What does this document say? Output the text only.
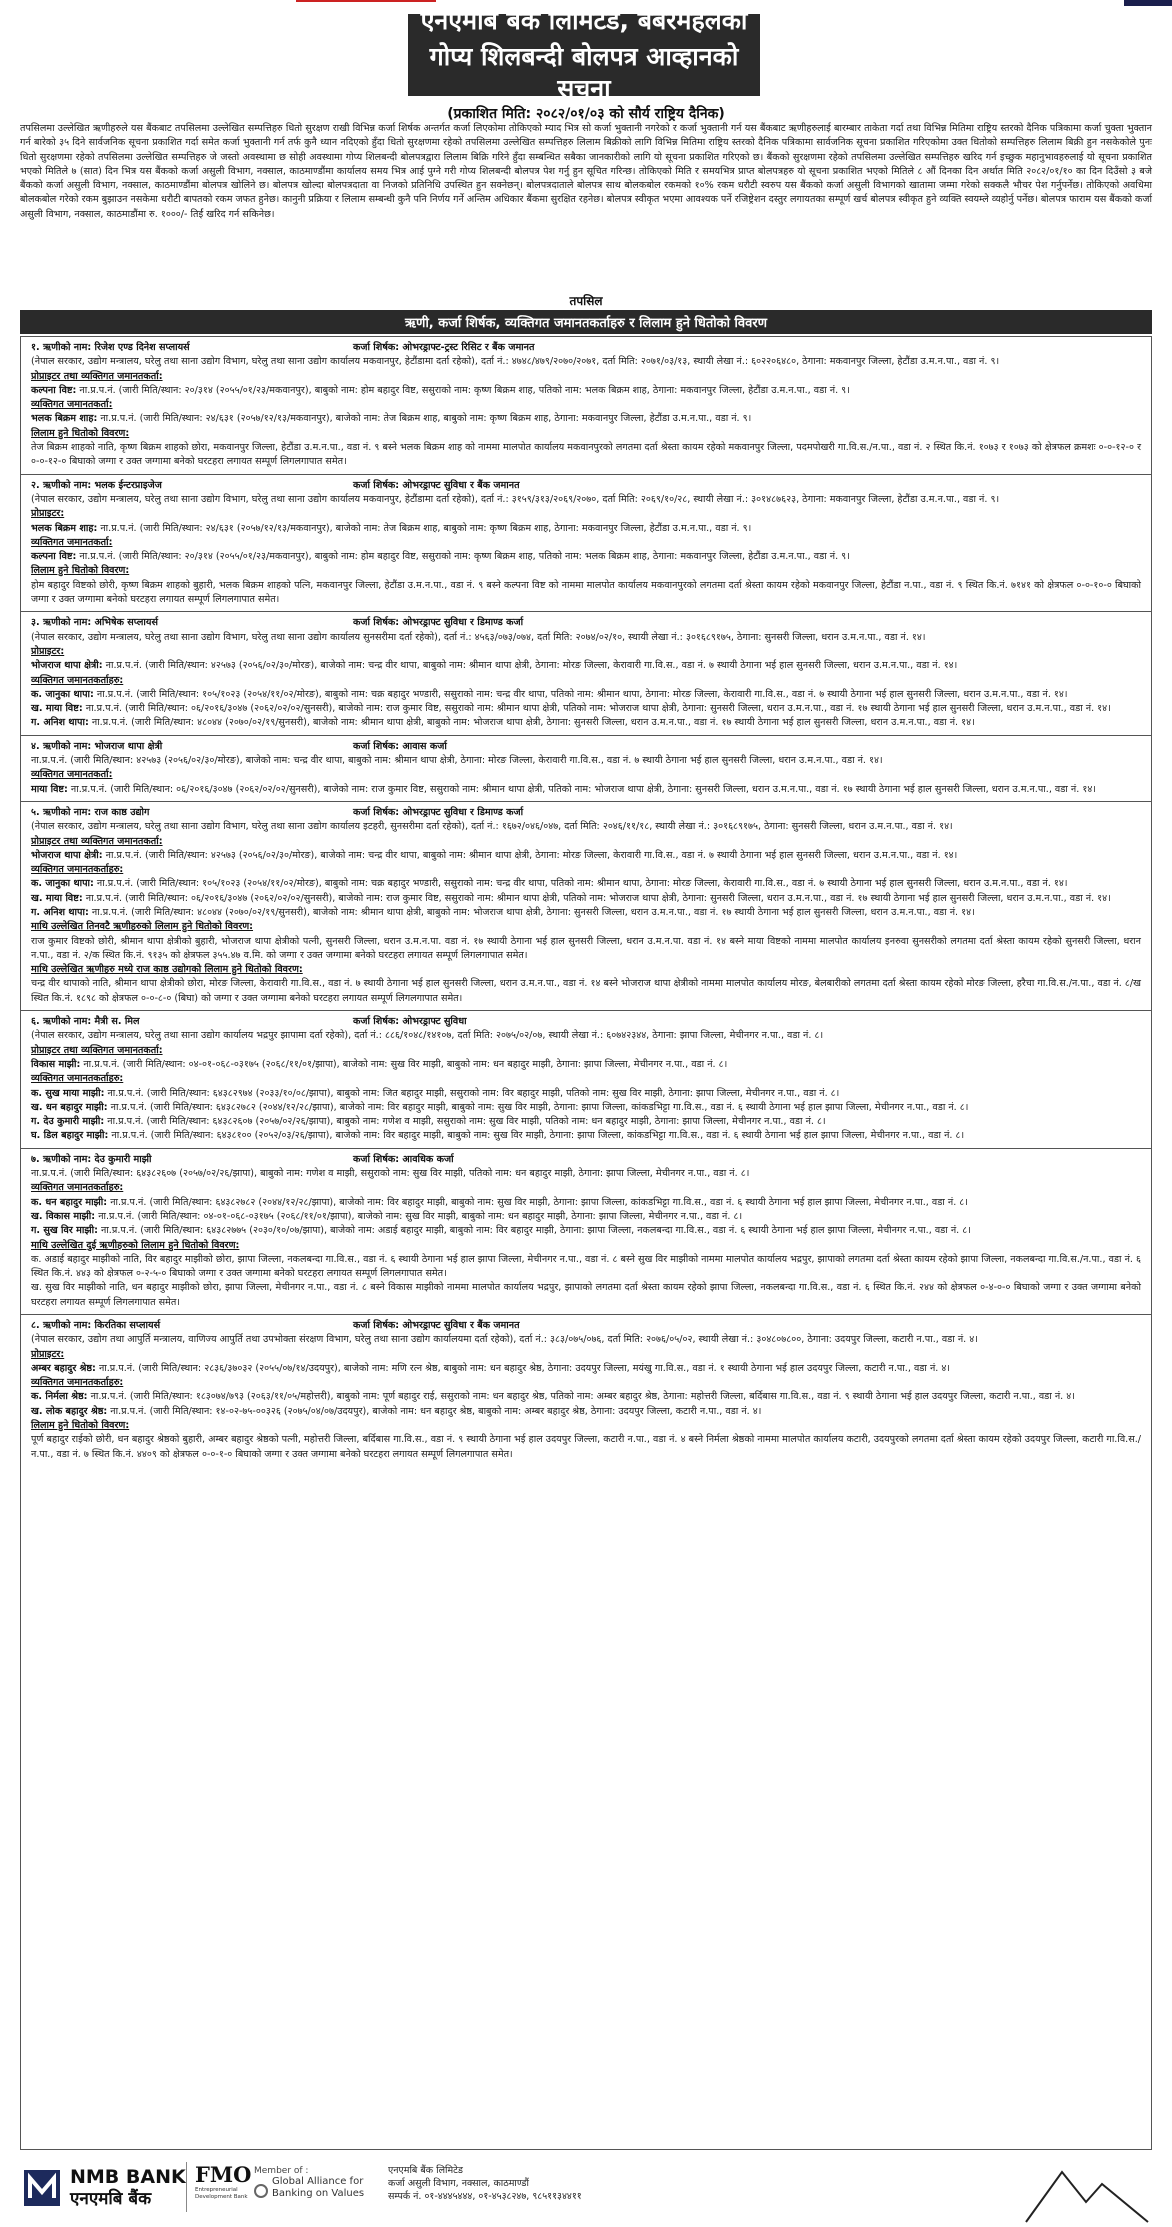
एनएमबि बैंक लिमिटेड, बबरमहलको
गोप्य शिलबन्दी बोलपत्र आव्हानको सूचना
(प्रकाशित मिति: २०८२/०१/०३ को सौर्य राष्ट्रिय दैनिक)
तपसिलमा उल्लेखित ऋणीहरुले यस बैंकबाट तपसिलमा उल्लेखित सम्पत्तिहरु धितो सुरक्षण राखी विभिन्न कर्जा शिर्षक अन्तर्गत कर्जा लिएकोमा तोकिएको म्याद भित्र सो कर्जा भुक्तानी नगरेको र कर्जा भुक्तानी गर्न यस बैंकबाट ऋणीहरुलाई बारम्बार ताकेता गर्दा तथा विभिन्न मितिमा राष्ट्रिय स्तरको दैनिक पत्रिकामा कर्जा चुक्ता भुक्तान गर्न बारेको ३५ दिने सार्वजनिक सूचना प्रकाशित गर्दा समेत कर्जा भुक्तानी गर्न तर्फ कुनै ध्यान नदिएको हुँदा धितो सुरक्षणमा रहेको तपसिलमा उल्लेखित सम्पत्तिहरु लिलाम बिक्रीको लागि विभिन्न मितिमा राष्ट्रिय स्तरको दैनिक पत्रिकामा सार्वजनिक सूचना प्रकाशित गरिएकोमा उक्त धितोको सम्पत्तिहरु लिलाम बिक्री हुन नसकेकोले पुनः धितो सुरक्षणमा रहेको तपसिलमा उल्लेखित सम्पत्तिहरु जे जस्तो अवस्थामा छ सोही अवस्थामा गोप्य शिलबन्दी बोलपत्रद्वारा लिलाम बिक्रि गरिने हुँदा सम्बन्धित सबैका जानकारीको लागि यो सूचना प्रकाशित गरिएको छ। बैंकको सुरक्षणमा रहेको तपसिलमा उल्लेखित सम्पत्तिहरु खरिद गर्न इच्छुक महानुभावहरुलाई यो सूचना प्रकाशित भएको मितिले ७ (सात) दिन भित्र यस बैंकको कर्जा असुली विभाग, नक्साल, काठमाण्डौंमा कार्यालय समय भित्र आई पुग्ने गरी गोप्य शिलबन्दी बोलपत्र पेश गर्नु हुन सूचित गरिन्छ। तोकिएको मिति र समयभित्र प्राप्त बोलपत्रहरु यो सूचना प्रकाशित भएको मितिले ८ औं दिनका दिन अर्थात मिति २०८२/०१/१० का दिन दिउँसो ३ बजे बैंकको कर्जा असुली विभाग, नक्साल, काठमाण्डौंमा बोलपत्र खोलिने छ। बोलपत्र खोल्दा बोलपत्रदाता वा निजको प्रतिनिधि उपस्थित हुन सक्नेछन्। बोलपत्रदाताले बोलपत्र साथ बोलकबोल रकमको १०% रकम धरौटी स्वरुप यस बैंकको कर्जा असुली विभागको खातामा जम्मा गरेको सक्कलै भौचर पेश गर्नुपर्नेछ। तोकिएको अवधिमा बोलकबोल गरेको रकम बुझाउन नसकेमा धरौटी बापतको रकम जफत हुनेछ। कानुनी प्रक्रिया र लिलाम सम्बन्धी कुनै पनि निर्णय गर्ने अन्तिम अधिकार बैंकमा सुरक्षित रहनेछ। बोलपत्र स्वीकृत भएमा आवश्यक पर्ने रजिष्ट्रेशन दस्तुर लगायतका सम्पूर्ण खर्च बोलपत्र स्वीकृत हुने व्यक्ति स्वयम्ले व्यहोर्नु पर्नेछ। बोलपत्र फाराम यस बैंकको कर्जा असुली विभाग, नक्साल, काठमाडौंमा रु. १०००/- तिर्ई खरिद गर्न सकिनेछ।
तपसिल
ऋणी, कर्जा शिर्षक, व्यक्तिगत जमानतकर्ताहरु र लिलाम हुने धितोको विवरण
१. ऋणीको नाम: रिजेश एण्ड दिनेश सप्लायर्स	कर्जा शिर्षक: ओभरड्राफ्ट-ट्रस्ट रिसिट र बैंक जमानत

(नेपाल सरकार, उद्योग मन्त्रालय, घरेलु तथा साना उद्योग विभाग, घरेलु तथा साना उद्योग कार्यालय मकवानपुर, हेटौंडामा दर्ता रहेको), दर्ता नं.: ४७४८/४७९/२०७०/२०७१, दर्ता मिति: २०७१/०३/१३, स्थायी लेखा नं.: ६०२२०६४८०, ठेगाना: मकवानपुर जिल्ला, हेटौंडा उ.म.न.पा., वडा नं. ९।

प्रोप्राइटर तथा व्यक्तिगत जमानतकर्ता:

कल्पना विष्ट: ना.प्र.प.नं. (जारी मिति/स्थान: २०/३१४ (२०५५/०१/२३/मकवानपुर), बाबुको नाम: होम बहादुर विष्ट, ससुराको नाम: कृष्ण बिक्रम शाह, पतिको नाम: भलक बिक्रम शाह, ठेगाना: मकवानपुर जिल्ला, हेटौंडा उ.म.न.पा., वडा नं. ९।

व्यक्तिगत जमानतकर्ता:

भलक बिक्रम शाह: ना.प्र.प.नं. (जारी मिति/स्थान: २४/६३१ (२०५७/१२/१३/मकवानपुर), बाजेको नाम: तेज बिक्रम शाह, बाबुको नाम: कृष्ण बिक्रम शाह, ठेगाना: मकवानपुर जिल्ला, हेटौंडा उ.म.न.पा., वडा नं. ९।

लिलाम हुने धितोको विवरण:

तेज बिक्रम शाहको नाति, कृष्ण बिक्रम शाहको छोरा, मकवानपुर जिल्ला, हेटौंडा उ.म.न.पा., वडा नं. ९ बस्ने भलक बिक्रम शाह को नाममा मालपोत कार्यालय मकवानपुरको लगतमा दर्ता श्रेस्ता कायम रहेको मकवानपुर जिल्ला, पदमपोखरी गा.वि.स./न.पा., वडा नं. २ स्थित कि.नं. १०७३ र १०७३ को क्षेत्रफल क्रमशः ०-०-१२-० र ०-०-१२-० बिघाको जग्गा र उक्त जग्गामा बनेको घरटहरा लगायत सम्पूर्ण लिगलगापात समेत।

२. ऋणीको नाम: भलक ईन्टरप्राइजेज	कर्जा शिर्षक: ओभरड्राफ्ट सुविधा र बैंक जमानत

(नेपाल सरकार, उद्योग मन्त्रालय, घरेलु तथा साना उद्योग विभाग, घरेलु तथा साना उद्योग कार्यालय मकवानपुर, हेटौंडामा दर्ता रहेको), दर्ता नं.: ३१५९/३१३/२०६९/२०७०, दर्ता मिति: २०६९/१०/२८, स्थायी लेखा नं.: ३०१४८७६२३, ठेगाना: मकवानपुर जिल्ला, हेटौंडा उ.म.न.पा., वडा नं. ९।

प्रोप्राइटर:

भलक बिक्रम शाह: ना.प्र.प.नं. (जारी मिति/स्थान: २४/६३१ (२०५७/१२/१३/मकवानपुर), बाजेको नाम: तेज बिक्रम शाह, बाबुको नाम: कृष्ण बिक्रम शाह, ठेगाना: मकवानपुर जिल्ला, हेटौंडा उ.म.न.पा., वडा नं. ९।

व्यक्तिगत जमानतकर्ता:

कल्पना विष्ट: ना.प्र.प.नं. (जारी मिति/स्थान: २०/३१४ (२०५५/०१/२३/मकवानपुर), बाबुको नाम: होम बहादुर विष्ट, ससुराको नाम: कृष्ण बिक्रम शाह, पतिको नाम: भलक बिक्रम शाह, ठेगाना: मकवानपुर जिल्ला, हेटौंडा उ.म.न.पा., वडा नं. ९।

लिलाम हुने धितोको विवरण:

होम बहादुर विष्टको छोरी, कृष्ण बिक्रम शाहको बुहारी, भलक बिक्रम शाहको पत्नि, मकवानपुर जिल्ला, हेटौंडा उ.म.न.पा., वडा नं. ९ बस्ने कल्पना विष्ट को नाममा मालपोत कार्यालय मकवानपुरको लगतमा दर्ता श्रेस्ता कायम रहेको मकवानपुर जिल्ला, हेटौंडा न.पा., वडा नं. ९ स्थित कि.नं. ७१४१ को क्षेत्रफल ०-०-१०-० बिघाको जग्गा र उक्त जग्गामा बनेको घरटहरा लगायत सम्पूर्ण लिगलगापात समेत।

३. ऋणीको नाम: अभिषेक सप्लायर्स	कर्जा शिर्षक: ओभरड्राफ्ट सुविधा र डिमाण्ड कर्जा

(नेपाल सरकार, उद्योग मन्त्रालय, घरेलु तथा साना उद्योग विभाग, घरेलु तथा साना उद्योग कार्यालय सुनसरीमा दर्ता रहेको), दर्ता नं.: ४५६३/०७३/०७४, दर्ता मिति: २०७४/०२/१०, स्थायी लेखा नं.: ३०१६८९१७५, ठेगाना: सुनसरी जिल्ला, धरान उ.म.न.पा., वडा नं. १४।

प्रोप्राइटर:

भोजराज थापा क्षेत्री: ना.प्र.प.नं. (जारी मिति/स्थान: ४२५७३ (२०५६/०२/३०/मोरङ), बाजेको नाम: चन्द्र वीर थापा, बाबुको नाम: श्रीमान थापा क्षेत्री, ठेगाना: मोरङ जिल्ला, केरावारी गा.वि.स., वडा नं. ७ स्थायी ठेगाना भई हाल सुनसरी जिल्ला, धरान उ.म.न.पा., वडा नं. १४।

व्यक्तिगत जमानतकर्ताहरु:

क. जानुका थापा: ना.प्र.प.नं. (जारी मिति/स्थान: १०५/१०२३ (२०५४/११/०२/मोरङ), बाबुको नाम: चक्र बहादुर भण्डारी, ससुराको नाम: चन्द्र वीर थापा, पतिको नाम: श्रीमान थापा, ठेगाना: मोरङ जिल्ला, केरावारी गा.वि.स., वडा नं. ७ स्थायी ठेगाना भई हाल सुनसरी जिल्ला, धरान उ.म.न.पा., वडा नं. १४।

ख. माया विष्ट: ना.प्र.प.नं. (जारी मिति/स्थान: ०६/२०१६/३०४७ (२०६२/०२/०२/सुनसरी), बाजेको नाम: राज कुमार विष्ट, ससुराको नाम: श्रीमान थापा क्षेत्री, पतिको नाम: भोजराज थापा क्षेत्री, ठेगाना: सुनसरी जिल्ला, धरान उ.म.न.पा., वडा नं. १७ स्थायी ठेगाना भई हाल सुनसरी जिल्ला, धरान उ.म.न.पा., वडा नं. १४।

ग. अनिश थापा: ना.प्र.प.नं. (जारी मिति/स्थान: ४८०४४ (२०७०/०२/१९/सुनसरी), बाजेको नाम: श्रीमान थापा क्षेत्री, बाबुको नाम: भोजराज थापा क्षेत्री, ठेगाना: सुनसरी जिल्ला, धरान उ.म.न.पा., वडा नं. १७ स्थायी ठेगाना भई हाल सुनसरी जिल्ला, धरान उ.म.न.पा., वडा नं. १४।

४. ऋणीको नाम: भोजराज थापा क्षेत्री	कर्जा शिर्षक: आवास कर्जा

ना.प्र.प.नं. (जारी मिति/स्थान: ४२५७३ (२०५६/०२/३०/मोरङ), बाजेको नाम: चन्द्र वीर थापा, बाबुको नाम: श्रीमान थापा क्षेत्री, ठेगाना: मोरङ जिल्ला, केरावारी गा.वि.स., वडा नं. ७ स्थायी ठेगाना भई हाल सुनसरी जिल्ला, धरान उ.म.न.पा., वडा नं. १४।

व्यक्तिगत जमानतकर्ता:

माया विष्ट: ना.प्र.प.नं. (जारी मिति/स्थान: ०६/२०१६/३०४७ (२०६२/०२/०२/सुनसरी), बाजेको नाम: राज कुमार विष्ट, ससुराको नाम: श्रीमान थापा क्षेत्री, पतिको नाम: भोजराज थापा क्षेत्री, ठेगाना: सुनसरी जिल्ला, धरान उ.म.न.पा., वडा नं. १७ स्थायी ठेगाना भई हाल सुनसरी जिल्ला, धरान उ.म.न.पा., वडा नं. १४।

५. ऋणीको नाम: राज काष्ठ उद्योग	कर्जा शिर्षक: ओभरड्राफ्ट सुविधा र डिमाण्ड कर्जा

(नेपाल सरकार, उद्योग मन्त्रालय, घरेलु तथा साना उद्योग विभाग, घरेलु तथा साना उद्योग कार्यालय इटहरी, सुनसरीमा दर्ता रहेको), दर्ता नं.: १६७२/०४६/०४७, दर्ता मिति: २०४६/११/१८, स्थायी लेखा नं.: ३०१६८९१७५, ठेगाना: सुनसरी जिल्ला, धरान उ.म.न.पा., वडा नं. १४।

प्रोप्राइटर तथा व्यक्तिगत जमानतकर्ता:

भोजराज थापा क्षेत्री: ना.प्र.प.नं. (जारी मिति/स्थान: ४२५७३ (२०५६/०२/३०/मोरङ), बाजेको नाम: चन्द्र वीर थापा, बाबुको नाम: श्रीमान थापा क्षेत्री, ठेगाना: मोरङ जिल्ला, केरावारी गा.वि.स., वडा नं. ७ स्थायी ठेगाना भई हाल सुनसरी जिल्ला, धरान उ.म.न.पा., वडा नं. १४।

व्यक्तिगत जमानतकर्ताहरु:

क. जानुका थापा: ना.प्र.प.नं. (जारी मिति/स्थान: १०५/१०२३ (२०५४/११/०२/मोरङ), बाबुको नाम: चक्र बहादुर भण्डारी, ससुराको नाम: चन्द्र वीर थापा, पतिको नाम: श्रीमान थापा, ठेगाना: मोरङ जिल्ला, केरावारी गा.वि.स., वडा नं. ७ स्थायी ठेगाना भई हाल सुनसरी जिल्ला, धरान उ.म.न.पा., वडा नं. १४।

ख. माया विष्ट: ना.प्र.प.नं. (जारी मिति/स्थान: ०६/२०१६/३०४७ (२०६२/०२/०२/सुनसरी), बाजेको नाम: राज कुमार विष्ट, ससुराको नाम: श्रीमान थापा क्षेत्री, पतिको नाम: भोजराज थापा क्षेत्री, ठेगाना: सुनसरी जिल्ला, धरान उ.म.न.पा., वडा नं. १७ स्थायी ठेगाना भई हाल सुनसरी जिल्ला, धरान उ.म.न.पा., वडा नं. १४।

ग. अनिश थापा: ना.प्र.प.नं. (जारी मिति/स्थान: ४८०४४ (२०७०/०२/१९/सुनसरी), बाजेको नाम: श्रीमान थापा क्षेत्री, बाबुको नाम: भोजराज थापा क्षेत्री, ठेगाना: सुनसरी जिल्ला, धरान उ.म.न.पा., वडा नं. १७ स्थायी ठेगाना भई हाल सुनसरी जिल्ला, धरान उ.म.न.पा., वडा नं. १४।

माथि उल्लेखित तिनवटै ऋणीहरुको लिलाम हुने धितोको विवरण:

राज कुमार विष्टको छोरी, श्रीमान थापा क्षेत्रीको बुहारी, भोजराज थापा क्षेत्रीको पत्नी, सुनसरी जिल्ला, धरान उ.म.न.पा. वडा नं. १७ स्थायी ठेगाना भई हाल सुनसरी जिल्ला, धरान उ.म.न.पा. वडा नं. १४ बस्ने माया विष्टको नाममा मालपोत कार्यालय इनरुवा सुनसरीको लगतमा दर्ता श्रेस्ता कायम रहेको सुनसरी जिल्ला, धरान न.पा., वडा नं. २/क स्थित कि.नं. ९१३५ को क्षेत्रफल ३५५.४७ व.मि. को जग्गा र उक्त जग्गामा बनेको घरटहरा लगायत सम्पूर्ण लिगलगापात समेत।

माथि उल्लेखित ऋणीहरु मध्ये राज काष्ठ उद्योगको लिलाम हुने धितोको विवरण:

चन्द्र वीर थापाको नाति, श्रीमान थापा क्षेत्रीको छोरा, मोरङ जिल्ला, केरावारी गा.वि.स., वडा नं. ७ स्थायी ठेगाना भई हाल सुनसरी जिल्ला, धरान उ.म.न.पा., वडा नं. १४ बस्ने भोजराज थापा क्षेत्रीको नाममा मालपोत कार्यालय मोरङ, बेलबारीको लगतमा दर्ता श्रेस्ता कायम रहेको मोरङ जिल्ला, हरैचा गा.वि.स./न.पा., वडा नं. ८/ख स्थित कि.नं. १८९८ को क्षेत्रफल ०-०-८-० (बिघा) को जग्गा र उक्त जग्गामा बनेको घरटहरा लगायत सम्पूर्ण लिगलगापात समेत।

६. ऋणीको नाम: मैत्री स. मिल	कर्जा शिर्षक: ओभरड्राफ्ट सुविधा

(नेपाल सरकार, उद्योग मन्त्रालय, घरेलु तथा साना उद्योग कार्यालय भद्रपुर झापामा दर्ता रहेको), दर्ता नं.: ८८६/१०४८/१४१०७, दर्ता मिति: २०७५/०२/०७, स्थायी लेखा नं.: ६०७४२३४४, ठेगाना: झापा जिल्ला, मेचीनगर न.पा., वडा नं. ८।

प्रोप्राइटर तथा व्यक्तिगत जमानतकर्ता:

विकास माझी: ना.प्र.प.नं. (जारी मिति/स्थान: ०४-०१-०६८-०३१७५ (२०६८/११/०१/झापा), बाजेको नाम: सुख विर माझी, बाबुको नाम: धन बहादुर माझी, ठेगाना: झापा जिल्ला, मेचीनगर न.पा., वडा नं. ८।

व्यक्तिगत जमानतकर्ताहरु:

क. सुख माया माझी: ना.प्र.प.नं. (जारी मिति/स्थान: ६४३८२९७४ (२०३३/१०/०८/झापा), बाबुको नाम: जित बहादुर माझी, ससुराको नाम: विर बहादुर माझी, पतिको नाम: सुख विर माझी, ठेगाना: झापा जिल्ला, मेचीनगर न.पा., वडा नं. ८।

ख. धन बहादुर माझी: ना.प्र.प.नं. (जारी मिति/स्थान: ६४३८२७८२ (२०४४/१२/२८/झापा), बाजेको नाम: विर बहादुर माझी, बाबुको नाम: सुख विर माझी, ठेगाना: झापा जिल्ला, कांकडभिट्टा गा.वि.स., वडा नं. ६ स्थायी ठेगाना भई हाल झापा जिल्ला, मेचीनगर न.पा., वडा नं. ८।

ग. देउ कुमारी माझी: ना.प्र.प.नं. (जारी मिति/स्थान: ६४३८२६०७ (२०५७/०२/२६/झापा), बाबुको नाम: गणेश व माझी, ससुराको नाम: सुख विर माझी, पतिको नाम: धन बहादुर माझी, ठेगाना: झापा जिल्ला, मेचीनगर न.पा., वडा नं. ८।

घ. डिल बहादुर माझी: ना.प्र.प.नं. (जारी मिति/स्थान: ६४३८१०० (२०५२/०३/२६/झापा), बाजेको नाम: विर बहादुर माझी, बाबुको नाम: सुख विर माझी, ठेगाना: झापा जिल्ला, कांकडभिट्टा गा.वि.स., वडा नं. ६ स्थायी ठेगाना भई हाल झापा जिल्ला, मेचीनगर न.पा., वडा नं. ८।

७. ऋणीको नाम: देउ कुमारी माझी	कर्जा शिर्षक: आवधिक कर्जा

ना.प्र.प.नं. (जारी मिति/स्थान: ६४३८२६०७ (२०५७/०२/२६/झापा), बाबुको नाम: गणेश व माझी, ससुराको नाम: सुख विर माझी, पतिको नाम: धन बहादुर माझी, ठेगाना: झापा जिल्ला, मेचीनगर न.पा., वडा नं. ८।

व्यक्तिगत जमानतकर्ताहरु:

क. धन बहादुर माझी: ना.प्र.प.नं. (जारी मिति/स्थान: ६४३८२७८२ (२०४४/१२/२८/झापा), बाजेको नाम: विर बहादुर माझी, बाबुको नाम: सुख विर माझी, ठेगाना: झापा जिल्ला, कांकडभिट्टा गा.वि.स., वडा नं. ६ स्थायी ठेगाना भई हाल झापा जिल्ला, मेचीनगर न.पा., वडा नं. ८।

ख. विकास माझी: ना.प्र.प.नं. (जारी मिति/स्थान: ०४-०१-०६८-०३१७५ (२०६८/११/०१/झापा), बाजेको नाम: सुख विर माझी, बाबुको नाम: धन बहादुर माझी, ठेगाना: झापा जिल्ला, मेचीनगर न.पा., वडा नं. ८।

ग. सुख विर माझी: ना.प्र.प.नं. (जारी मिति/स्थान: ६४३८२७७५ (२०३०/१०/०७/झापा), बाजेको नाम: अडाई बहादुर माझी, बाबुको नाम: विर बहादुर माझी, ठेगाना: झापा जिल्ला, नकलबन्दा गा.वि.स., वडा नं. ६ स्थायी ठेगाना भई हाल झापा जिल्ला, मेचीनगर न.पा., वडा नं. ८।

माथि उल्लेखित दुई ऋणीहरुको लिलाम हुने धितोको विवरण:

क. अडाई बहादुर माझीको नाति, विर बहादुर माझीको छोरा, झापा जिल्ला, नकलबन्दा गा.वि.स., वडा नं. ६ स्थायी ठेगाना भई हाल झापा जिल्ला, मेचीनगर न.पा., वडा नं. ८ बस्ने सुख विर माझीको नाममा मालपोत कार्यालय भद्रपुर, झापाको लगतमा दर्ता श्रेस्ता कायम रहेको झापा जिल्ला, नकलबन्दा गा.वि.स./न.पा., वडा नं. ६ स्थित कि.नं. ४४३ को क्षेत्रफल ०-२-५-० बिघाको जग्गा र उक्त जग्गामा बनेको घरटहरा लगायत सम्पूर्ण लिगलगापात समेत।

ख. सुख विर माझीको नाति, धन बहादुर माझीको छोरा, झापा जिल्ला, मेचीनगर न.पा., वडा नं. ८ बस्ने विकास माझीको नाममा मालपोत कार्यालय भद्रपुर, झापाको लगतमा दर्ता श्रेस्ता कायम रहेको झापा जिल्ला, नकलबन्दा गा.वि.स., वडा नं. ६ स्थित कि.नं. २४४ को क्षेत्रफल ०-४-०-० बिघाको जग्गा र उक्त जग्गामा बनेको घरटहरा लगायत सम्पूर्ण लिगलगापात समेत।

८. ऋणीको नाम: किरतिका सप्लायर्स	कर्जा शिर्षक: ओभरड्राफ्ट सुविधा र बैंक जमानत

(नेपाल सरकार, उद्योग तथा आपुर्ति मन्त्रालय, वाणिज्य आपुर्ति तथा उपभोक्ता संरक्षण विभाग, घरेलु तथा साना उद्योग कार्यालयमा दर्ता रहेको), दर्ता नं.: ३८३/०७५/०७६, दर्ता मिति: २०७६/०५/०२, स्थायी लेखा नं.: ३०४८०७८००, ठेगाना: उदयपुर जिल्ला, कटारी न.पा., वडा नं. ४।

प्रोप्राइटर:

अम्बर बहादुर श्रेष्ठ: ना.प्र.प.नं. (जारी मिति/स्थान: २८३६/३७०३२ (२०५५/०७/१४/उदयपुर), बाजेको नाम: मणि रत्न श्रेष्ठ, बाबुको नाम: धन बहादुर श्रेष्ठ, ठेगाना: उदयपुर जिल्ला, मयंखु गा.वि.स., वडा नं. १ स्थायी ठेगाना भई हाल उदयपुर जिल्ला, कटारी न.पा., वडा नं. ४।

व्यक्तिगत जमानतकर्ताहरु:

क. निर्मला श्रेष्ठ: ना.प्र.प.नं. (जारी मिति/स्थान: १८३०७४/७९३ (२०६३/११/०५/महोत्तरी), बाबुको नाम: पूर्ण बहादुर राई, ससुराको नाम: धन बहादुर श्रेष्ठ, पतिको नाम: अम्बर बहादुर श्रेष्ठ, ठेगाना: महोत्तरी जिल्ला, बर्दिबास गा.वि.स., वडा नं. ९ स्थायी ठेगाना भई हाल उदयपुर जिल्ला, कटारी न.पा., वडा नं. ४।

ख. लोक बहादुर श्रेष्ठ: ना.प्र.प.नं. (जारी मिति/स्थान: १४-०२-७५-००३२६ (२०७५/०४/०७/उदयपुर), बाजेको नाम: धन बहादुर श्रेष्ठ, बाबुको नाम: अम्बर बहादुर श्रेष्ठ, ठेगाना: उदयपुर जिल्ला, कटारी न.पा., वडा नं. ४।

लिलाम हुने धितोको विवरण:

पूर्ण बहादुर राईको छोरी, धन बहादुर श्रेष्ठको बुहारी, अम्बर बहादुर श्रेष्ठको पत्नी, महोत्तरी जिल्ला, बर्दिबास गा.वि.स., वडा नं. ९ स्थायी ठेगाना भई हाल उदयपुर जिल्ला, कटारी न.पा., वडा नं. ४ बस्ने निर्मला श्रेष्ठको नाममा मालपोत कार्यालय कटारी, उदयपुरको लगतमा दर्ता श्रेस्ता कायम रहेको उदयपुर जिल्ला, कटारी गा.वि.स./न.पा., वडा नं. ७ स्थित कि.नं. ४४०९ को क्षेत्रफल ०-०-१-० बिघाको जग्गा र उक्त जग्गामा बनेको घरटहरा लगायत सम्पूर्ण लिगलगापात समेत।

NMB BANK
एनएमबि बैंक
FMO
Entrepreneurial Development Bank
Member of :
Global Alliance for Banking on Values
एनएमबि बैंक लिमिटेड
कर्जा असुली विभाग, नक्साल, काठमाण्डौं
सम्पर्क नं. ०१-४४४५४४४, ०१-४५३८२४७, ९८५११३४४११
